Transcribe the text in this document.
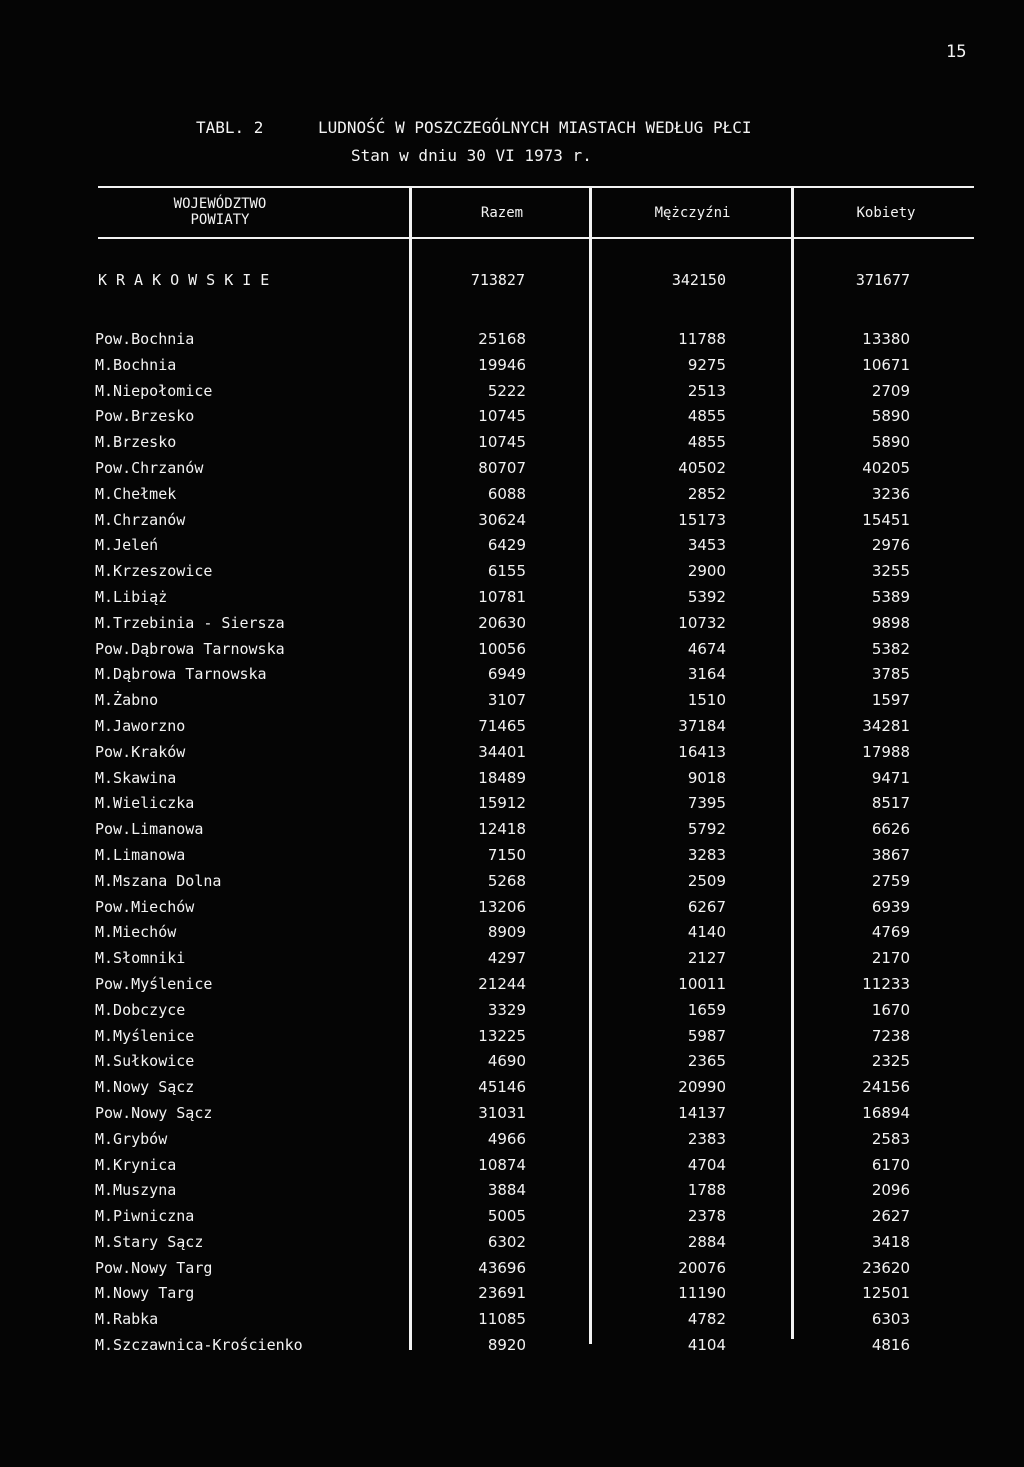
15
TABL. 2	LUDNOŚĆ W POSZCZEGÓLNYCH MIASTACH WEDŁUG PŁCI
Stan w dniu 30 VI 1973 r.
WOJEWÓDZTWO
POWIATY	Razem	Mężczyźni	Kobiety
KRAKOWSKIE	713827	342150	371677
Pow.Bochnia	25168	11788	13380
M.Bochnia	19946	9275	10671
M.Niepołomice	5222	2513	2709
Pow.Brzesko	10745	4855	5890
M.Brzesko	10745	4855	5890
Pow.Chrzanów	80707	40502	40205
M.Chełmek	6088	2852	3236
M.Chrzanów	30624	15173	15451
M.Jeleń	6429	3453	2976
M.Krzeszowice	6155	2900	3255
M.Libiąż	10781	5392	5389
M.Trzebinia - Siersza	20630	10732	9898
Pow.Dąbrowa Tarnowska	10056	4674	5382
M.Dąbrowa Tarnowska	6949	3164	3785
M.Żabno	3107	1510	1597
M.Jaworzno	71465	37184	34281
Pow.Kraków	34401	16413	17988
M.Skawina	18489	9018	9471
M.Wieliczka	15912	7395	8517
Pow.Limanowa	12418	5792	6626
M.Limanowa	7150	3283	3867
M.Mszana Dolna	5268	2509	2759
Pow.Miechów	13206	6267	6939
M.Miechów	8909	4140	4769
M.Słomniki	4297	2127	2170
Pow.Myślenice	21244	10011	11233
M.Dobczyce	3329	1659	1670
M.Myślenice	13225	5987	7238
M.Sułkowice	4690	2365	2325
M.Nowy Sącz	45146	20990	24156
Pow.Nowy Sącz	31031	14137	16894
M.Grybów	4966	2383	2583
M.Krynica	10874	4704	6170
M.Muszyna	3884	1788	2096
M.Piwniczna	5005	2378	2627
M.Stary Sącz	6302	2884	3418
Pow.Nowy Targ	43696	20076	23620
M.Nowy Targ	23691	11190	12501
M.Rabka	11085	4782	6303
M.Szczawnica-Krościenko	8920	4104	4816
